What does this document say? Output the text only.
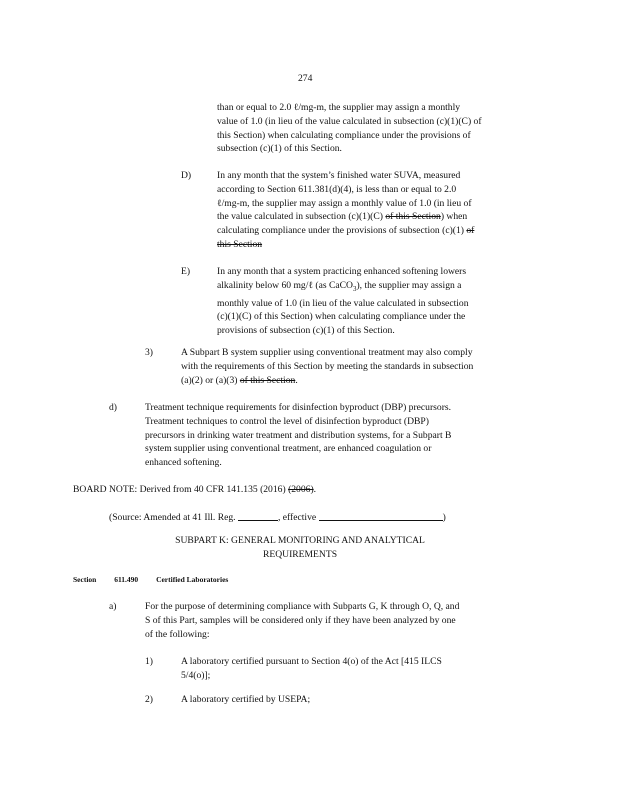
274
than or equal to 2.0 ℓ/mg-m, the supplier may assign a monthly
value of 1.0 (in lieu of the value calculated in subsection (c)(1)(C) of
this Section) when calculating compliance under the provisions of
subsection (c)(1) of this Section.
D)	In any month that the system’s finished water SUVA, measured
according to Section 611.381(d)(4), is less than or equal to 2.0
ℓ/mg-m, the supplier may assign a monthly value of 1.0 (in lieu of
the value calculated in subsection (c)(1)(C) of this Section) when
calculating compliance under the provisions of subsection (c)(1) of
this Section
E)	In any month that a system practicing enhanced softening lowers
alkalinity below 60 mg/ℓ (as CaCO$_3$), the supplier may assign a
monthly value of 1.0 (in lieu of the value calculated in subsection
(c)(1)(C) of this Section) when calculating compliance under the
provisions of subsection (c)(1) of this Section.
3)	A Subpart B system supplier using conventional treatment may also comply
with the requirements of this Section by meeting the standards in subsection
(a)(2) or (a)(3) of this Section.
d)	Treatment technique requirements for disinfection byproduct (DBP) precursors.
Treatment techniques to control the level of disinfection byproduct (DBP)
precursors in drinking water treatment and distribution systems, for a Subpart B
system supplier using conventional treatment, are enhanced coagulation or
enhanced softening.
BOARD NOTE: Derived from 40 CFR 141.135 (2016) (2006).
(Source: Amended at 41 Ill. Reg.	, effective	)
SUBPART K: GENERAL MONITORING AND ANALYTICAL
REQUIREMENTS
Section 611.490 Certified Laboratories
a)	For the purpose of determining compliance with Subparts G, K through O, Q, and
S of this Part, samples will be considered only if they have been analyzed by one
of the following:
1)	A laboratory certified pursuant to Section 4(o) of the Act [415 ILCS
5/4(o)];
2)	A laboratory certified by USEPA;
